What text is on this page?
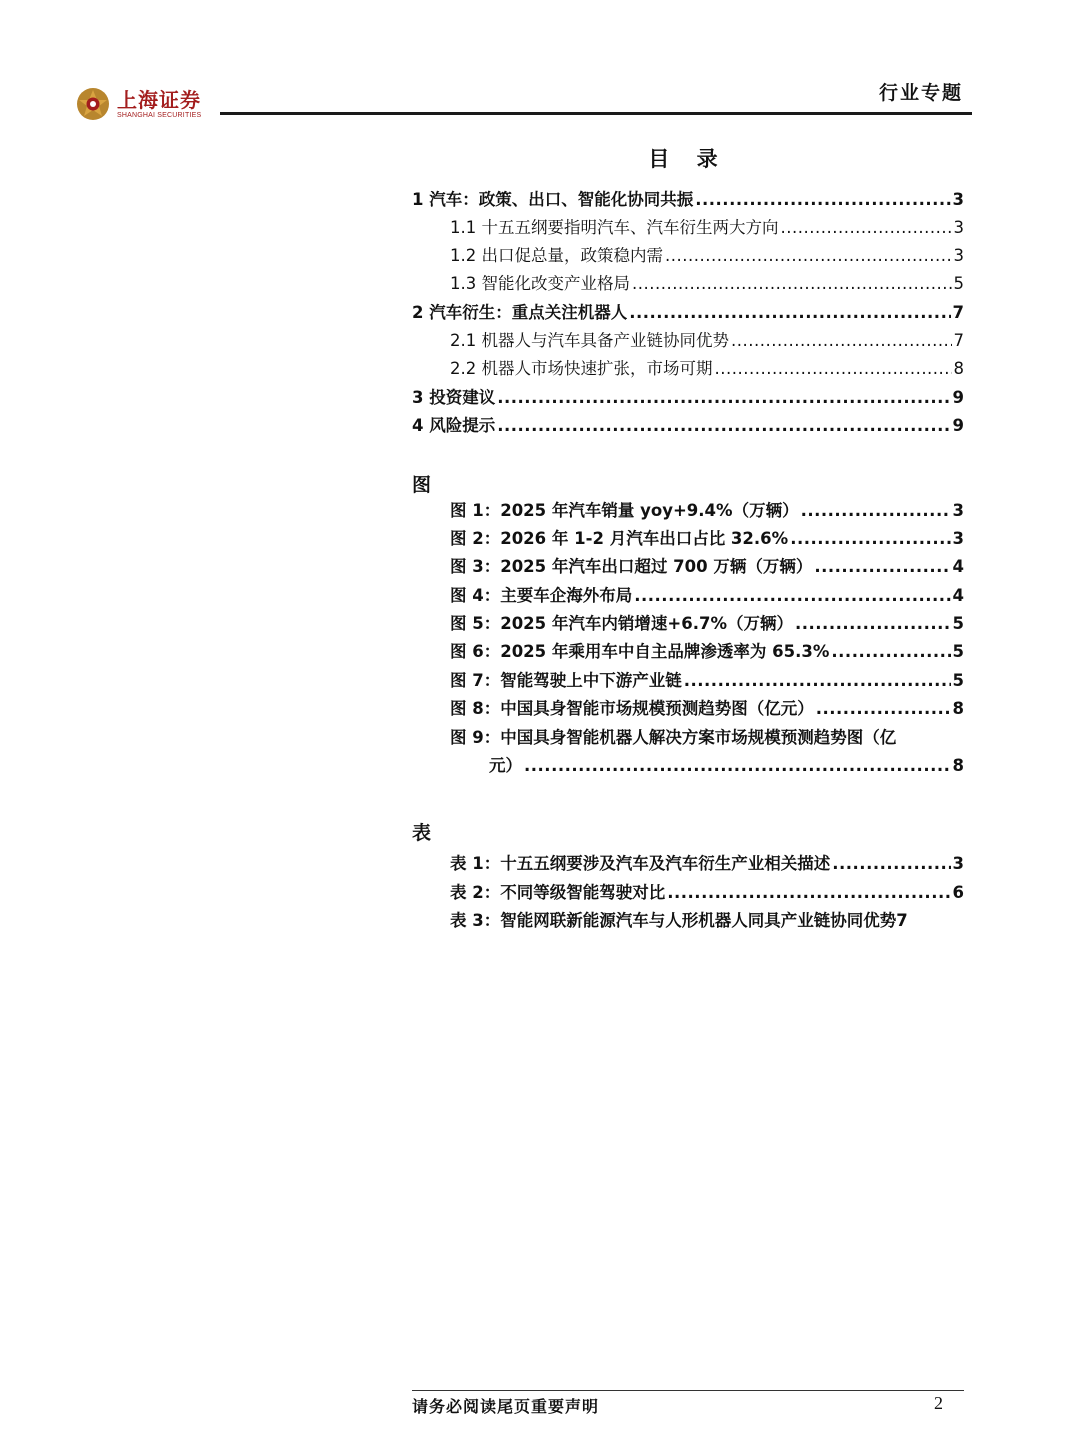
上海证券
SHANGHAI SECURITIES
行业专题
目 录
1 汽车：政策、出口、智能化协同共振 .....	3
1.1 十五五纲要指明汽车、汽车衍生两大方向 .....	3
1.2 出口促总量，政策稳内需 .....	3
1.3 智能化改变产业格局 .....	5
2 汽车衍生：重点关注机器人 .....	7
2.1 机器人与汽车具备产业链协同优势 .....	7
2.2 机器人市场快速扩张，市场可期 .....	8
3 投资建议 .....	9
4 风险提示 .....	9
图
图 1：2025 年汽车销量 yoy+9.4%（万辆） .....	3
图 2：2026 年 1-2 月汽车出口占比 32.6% .....	3
图 3：2025 年汽车出口超过 700 万辆（万辆） .....	4
图 4：主要车企海外布局 .....	4
图 5：2025 年汽车内销增速+6.7%（万辆） .....	5
图 6：2025 年乘用车中自主品牌渗透率为 65.3% .....	5
图 7：智能驾驶上中下游产业链 .....	5
图 8：中国具身智能市场规模预测趋势图（亿元） .....	8
图 9：中国具身智能机器人解决方案市场规模预测趋势图（亿
元） .....	8
表
表 1：十五五纲要涉及汽车及汽车衍生产业相关描述 .....	3
表 2：不同等级智能驾驶对比 .....	6
表 3：智能网联新能源汽车与人形机器人同具产业链协同优势7
请务必阅读尾页重要声明	2
